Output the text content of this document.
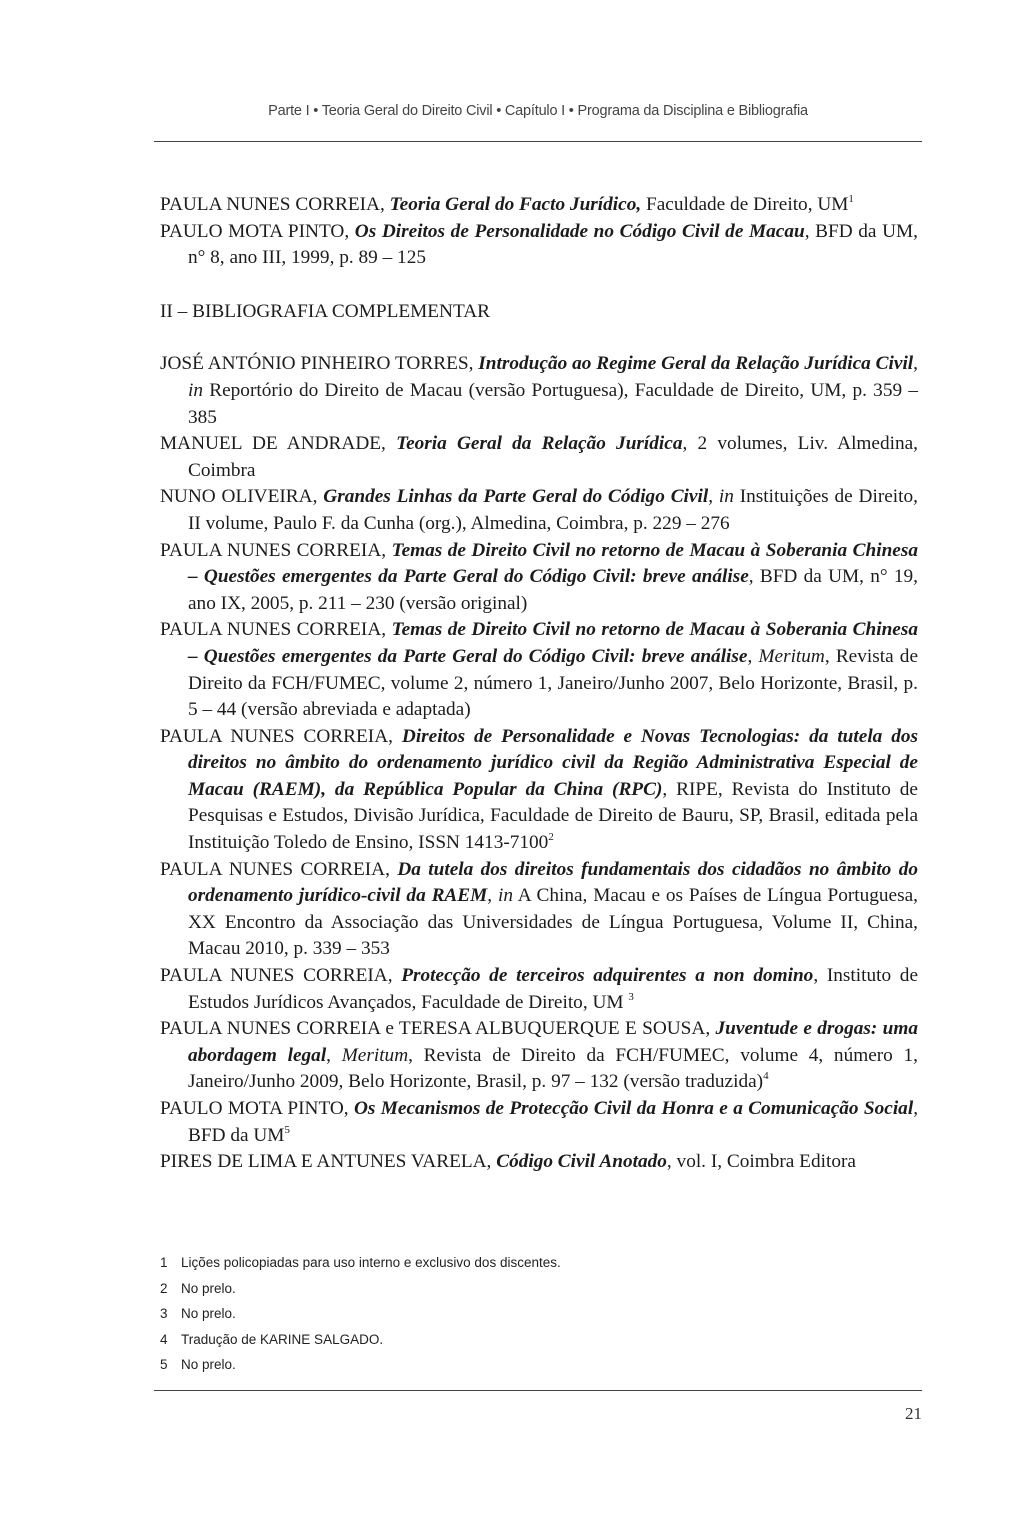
Parte I • Teoria Geral do Direito Civil • Capítulo I • Programa da Disciplina e Bibliografia

PAULA NUNES CORREIA, Teoria Geral do Facto Jurídico, Faculdade de Direito, $UM^1$

PAULO MOTA PINTO, Os Direitos de Personalidade no Código Civil de Macau, BFD da UM, n° 8, ano III, 1999, p. 89 – 125

II – BIBLIOGRAFIA COMPLEMENTAR

JOSÉ ANTÓNIO PINHEIRO TORRES, Introdução ao Regime Geral da Relação Jurídica Civil, in Reportório do Direito de Macau (versão Portuguesa), Faculdade de Direito, UM, p. 359 – 385

MANUEL DE ANDRADE, Teoria Geral da Relação Jurídica, 2 volumes, Liv. Almedina, Coimbra

NUNO OLIVEIRA, Grandes Linhas da Parte Geral do Código Civil, in Instituições de Direito, II volume, Paulo F. da Cunha (org.), Almedina, Coimbra, p. 229 – 276

PAULA NUNES CORREIA, Temas de Direito Civil no retorno de Macau à Soberania Chinesa – Questões emergentes da Parte Geral do Código Civil: breve análise, BFD da UM, n° 19, ano IX, 2005, p. 211 – 230 (versão original)

PAULA NUNES CORREIA, Temas de Direito Civil no retorno de Macau à Soberania Chinesa – Questões emergentes da Parte Geral do Código Civil: breve análise, Meritum, Revista de Direito da FCH/FUMEC, volume 2, número 1, Janeiro/Junho 2007, Belo Horizonte, Brasil, p. 5 – 44 (versão abreviada e adaptada)

PAULA NUNES CORREIA, Direitos de Personalidade e Novas Tecnologias: da tutela dos direitos no âmbito do ordenamento jurídico civil da Região Administrativa Especial de Macau (RAEM), da República Popular da China (RPC), RIPE, Revista do Instituto de Pesquisas e Estudos, Divisão Jurídica, Faculdade de Direito de Bauru, SP, Brasil, editada pela Instituição Toledo de Ensino, ISSN 1413-7100$^2$

PAULA NUNES CORREIA, Da tutela dos direitos fundamentais dos cidadãos no âmbito do ordenamento jurídico-civil da RAEM, in A China, Macau e os Países de Língua Portuguesa, XX Encontro da Associação das Universidades de Língua Portuguesa, Volume II, China, Macau 2010, p. 339 – 353

PAULA NUNES CORREIA, Protecção de terceiros adquirentes a non domino, Instituto de Estudos Jurídicos Avançados, Faculdade de Direito, UM $^3$

PAULA NUNES CORREIA e TERESA ALBUQUERQUE E SOUSA, Juventude e drogas: uma abordagem legal, Meritum, Revista de Direito da FCH/FUMEC, volume 4, número 1, Janeiro/Junho 2009, Belo Horizonte, Brasil, p. 97 – 132 (versão traduzida)$^4$

PAULO MOTA PINTO, Os Mecanismos de Protecção Civil da Honra e a Comunicação Social, BFD da $UM^5$

PIRES DE LIMA E ANTUNES VARELA, Código Civil Anotado, vol. I, Coimbra Editora

1 Lições policopiadas para uso interno e exclusivo dos discentes.
2 No prelo.
3 No prelo.
4 Tradução de KARINE SALGADO.
5 No prelo.
21
